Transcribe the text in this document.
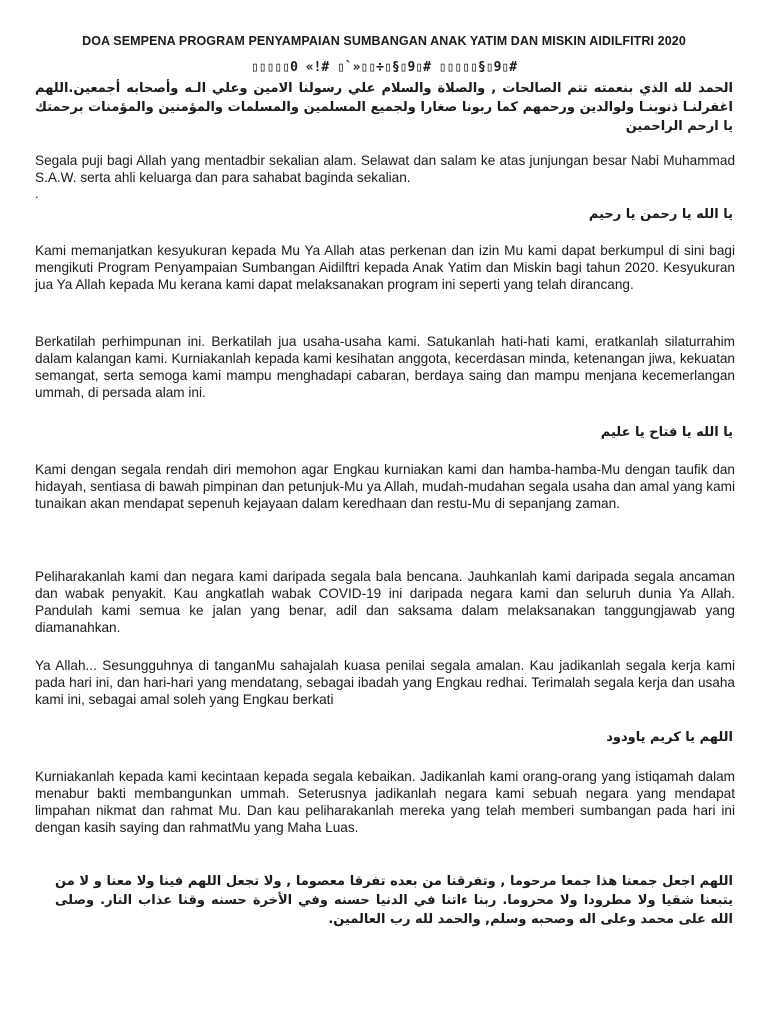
DOA SEMPENA PROGRAM PENYAMPAIAN SUMBANGAN ANAK YATIM DAN MISKIN AIDILFITRI 2020
▯▯▯▯▯0 «!# ▯`»▯▯÷▯§▯9▯# ▯▯▯▯▯§▯9▯#
الحمد لله الذي بنعمته تتم الصالحات , والصلاة والسلام علي رسولنا الامين وعلي الـه وأصحابه أجمعين.اللهم اغفرلنـا ذنوبنـا ولوالدين ورحمهم كما ربونا صغارا ولجميع المسلمين والمسلمات والمؤمنين والمؤمنات برحمتك يا ارحم الراحمين
Segala puji bagi Allah yang mentadbir sekalian alam. Selawat dan salam ke atas junjungan besar Nabi Muhammad S.A.W. serta ahli keluarga dan para sahabat baginda sekalian.
.
يا الله يا رحمن يا رحيم
Kami memanjatkan kesyukuran kepada Mu Ya Allah atas perkenan dan izin Mu kami dapat berkumpul di sini bagi mengikuti Program Penyampaian Sumbangan Aidilftri kepada Anak Yatim dan Miskin bagi tahun 2020. Kesyukuran jua Ya Allah kepada Mu kerana kami dapat melaksanakan program ini seperti yang telah dirancang.
Berkatilah perhimpunan ini. Berkatilah jua usaha-usaha kami. Satukanlah hati-hati kami, eratkanlah silaturrahim dalam kalangan kami. Kurniakanlah kepada kami kesihatan anggota, kecerdasan minda, ketenangan jiwa, kekuatan semangat, serta semoga kami mampu menghadapi cabaran, berdaya saing dan mampu menjana kecemerlangan ummah, di persada alam ini.
يا الله يا فتاح يا عليم
Kami dengan segala rendah diri memohon agar Engkau kurniakan kami dan hamba-hamba-Mu dengan taufik dan hidayah, sentiasa di bawah pimpinan dan petunjuk-Mu ya Allah, mudah-mudahan segala usaha dan amal yang kami tunaikan akan mendapat sepenuh kejayaan dalam keredhaan dan restu-Mu di sepanjang zaman.
Peliharakanlah kami dan negara kami daripada segala bala bencana. Jauhkanlah kami daripada segala ancaman dan wabak penyakit. Kau angkatlah wabak COVID-19 ini daripada negara kami dan seluruh dunia Ya Allah. Pandulah kami semua ke jalan yang benar, adil dan saksama dalam melaksanakan tanggungjawab yang diamanahkan.
Ya Allah... Sesungguhnya di tanganMu sahajalah kuasa penilai segala amalan. Kau jadikanlah segala kerja kami pada hari ini, dan hari-hari yang mendatang, sebagai ibadah yang Engkau redhai. Terimalah segala kerja dan usaha kami ini, sebagai amal soleh yang Engkau berkati
اللهم يا كريم ياودود
Kurniakanlah kepada kami kecintaan kepada segala kebaikan. Jadikanlah kami orang-orang yang istiqamah dalam menabur bakti membangunkan ummah. Seterusnya jadikanlah negara kami sebuah negara yang mendapat limpahan nikmat dan rahmat Mu. Dan kau peliharakanlah mereka yang telah memberi sumbangan pada hari ini dengan kasih saying dan rahmatMu yang Maha Luas.
اللهم اجعل جمعنا هذا جمعا مرحوما , وتفرقنا من بعده تفرقا معصوما , ولا تجعل اللهم فينا ولا معنا و لا من يتبعنا شقيا ولا مطرودا ولا محروما. ربنا ءاتنا في الدنيا حسنه وفي الأخرة حسنه وقنا عذاب النار. وصلى الله على محمد وعلى اله وصحبه وسلم, والحمد لله رب العالمين.
